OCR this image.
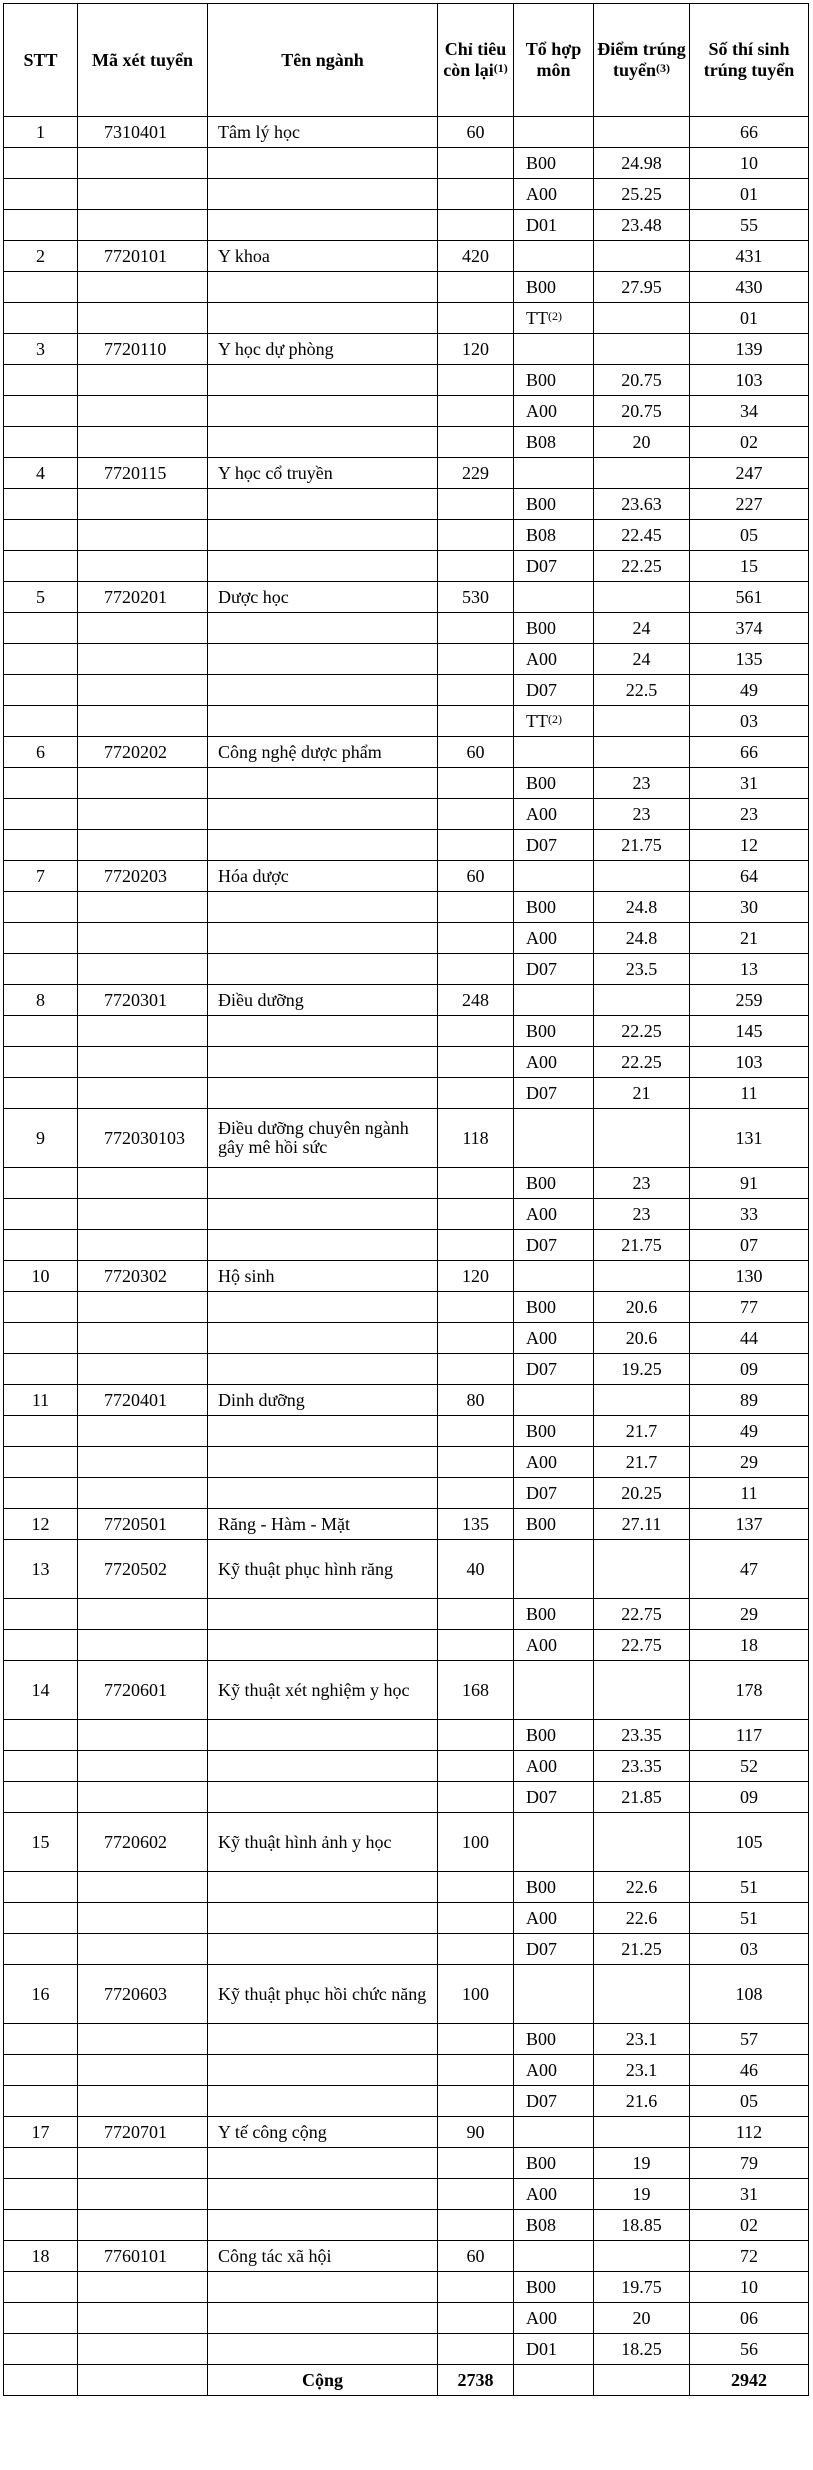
STT	Mã xét tuyển	Tên ngành	Chỉ tiêu còn lại$^{(1)}$	Tổ hợp môn	Điểm trúng tuyển$^{(3)}$	Số thí sinh trúng tuyển
1	7310401	Tâm lý học	60			66
				B00	24.98	10
				A00	25.25	01
				D01	23.48	55
2	7720101	Y khoa	420			431
				B00	27.95	430
				TT$^{(2)}$		01
3	7720110	Y học dự phòng	120			139
				B00	20.75	103
				A00	20.75	34
				B08	20	02
4	7720115	Y học cổ truyền	229			247
				B00	23.63	227
				B08	22.45	05
				D07	22.25	15
5	7720201	Dược học	530			561
				B00	24	374
				A00	24	135
				D07	22.5	49
				TT$^{(2)}$		03
6	7720202	Công nghệ dược phẩm	60			66
				B00	23	31
				A00	23	23
				D07	21.75	12
7	7720203	Hóa dược	60			64
				B00	24.8	30
				A00	24.8	21
				D07	23.5	13
8	7720301	Điều dưỡng	248			259
				B00	22.25	145
				A00	22.25	103
				D07	21	11
9	772030103	Điều dưỡng chuyên ngành gây mê hồi sức	118			131
				B00	23	91
				A00	23	33
				D07	21.75	07
10	7720302	Hộ sinh	120			130
				B00	20.6	77
				A00	20.6	44
				D07	19.25	09
11	7720401	Dinh dưỡng	80			89
				B00	21.7	49
				A00	21.7	29
				D07	20.25	11
12	7720501	Răng - Hàm - Mặt	135	B00	27.11	137
13	7720502	Kỹ thuật phục hình răng	40			47
				B00	22.75	29
				A00	22.75	18
14	7720601	Kỹ thuật xét nghiệm y học	168			178
				B00	23.35	117
				A00	23.35	52
				D07	21.85	09
15	7720602	Kỹ thuật hình ảnh y học	100			105
				B00	22.6	51
				A00	22.6	51
				D07	21.25	03
16	7720603	Kỹ thuật phục hồi chức năng	100			108
				B00	23.1	57
				A00	23.1	46
				D07	21.6	05
17	7720701	Y tế công cộng	90			112
				B00	19	79
				A00	19	31
				B08	18.85	02
18	7760101	Công tác xã hội	60			72
				B00	19.75	10
				A00	20	06
				D01	18.25	56
		Cộng	2738			2942
